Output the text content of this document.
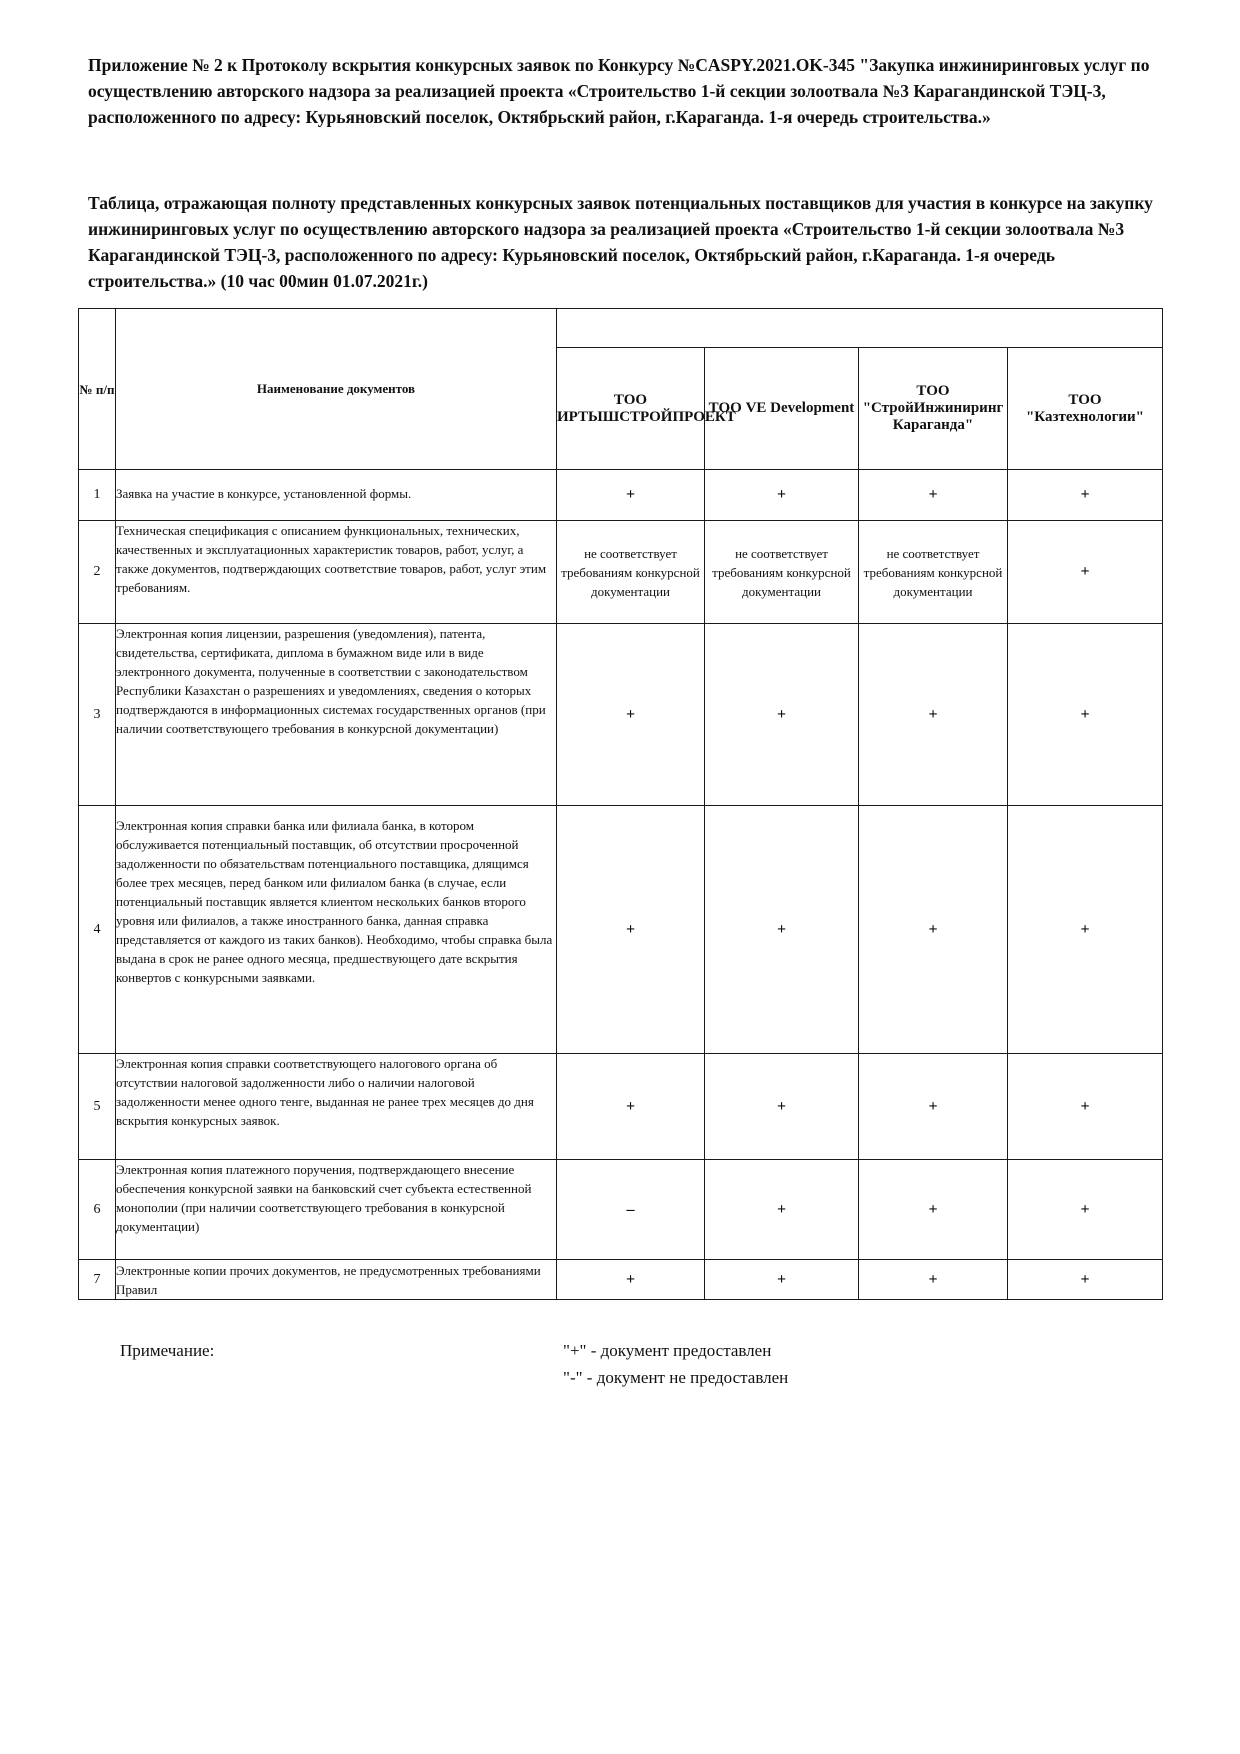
Приложение № 2 к Протоколу вскрытия конкурсных заявок по Конкурсу №CASPY.2021.OK-345 "Закупка инжиниринговых услуг по осуществлению авторского надзора за реализацией проекта «Строительство 1-й секции золоотвала №3 Карагандинской ТЭЦ-3, расположенного по адресу: Курьяновский поселок, Октябрьский район, г.Караганда. 1-я очередь строительства.»
Таблица, отражающая полноту представленных конкурсных заявок потенциальных поставщиков для участия в конкурсе на закупку инжиниринговых услуг по осуществлению авторского надзора за реализацией проекта «Строительство 1-й секции золоотвала №3 Карагандинской ТЭЦ-3, расположенного по адресу: Курьяновский поселок, Октябрьский район, г.Караганда. 1-я очередь строительства.» (10 час 00мин 01.07.2021г.)
№ п/п	Наименование документов				
		ТОО ИРТЫШСТРОЙПРОЕКТ	ТОО VE Development	ТОО "СтройИнжиниринг Караганда"	ТОО "Казтехнологии"
1	Заявка на участие в конкурсе, установленной формы.	+	+	+	+
2	Техническая спецификация с описанием функциональных, технических, качественных и эксплуатационных характеристик товаров, работ, услуг, а также документов, подтверждающих соответствие товаров, работ, услуг этим требованиям.	не соответствует требованиям конкурсной документации	не соответствует требованиям конкурсной документации	не соответствует требованиям конкурсной документации	+
3	Электронная копия лицензии, разрешения (уведомления), патента, свидетельства, сертификата, диплома в бумажном виде или в виде электронного документа, полученные в соответствии с законодательством Республики Казахстан о разрешениях и уведомлениях, сведения о которых подтверждаются в информационных системах государственных органов (при наличии соответствующего требования в конкурсной документации)	+	+	+	+
4	Электронная копия справки банка или филиала банка, в котором обслуживается потенциальный поставщик, об отсутствии просроченной задолженности по обязательствам потенциального поставщика, длящимся более трех месяцев, перед банком или филиалом банка (в случае, если потенциальный поставщик является клиентом нескольких банков второго уровня или филиалов, а также иностранного банка, данная справка представляется от каждого из таких банков). Необходимо, чтобы справка была выдана в срок не ранее одного месяца, предшествующего дате вскрытия конвертов с конкурсными заявками.	+	+	+	+
5	Электронная копия справки соответствующего налогового органа об отсутствии налоговой задолженности либо о наличии налоговой задолженности менее одного тенге, выданная не ранее трех месяцев до дня вскрытия конкурсных заявок.	+	+	+	+
6	Электронная копия платежного поручения, подтверждающего внесение обеспечения конкурсной заявки на банковский счет субъекта естественной монополии (при наличии соответствующего требования в конкурсной документации)	–	+	+	+
7	Электронные копии прочих документов, не предусмотренных требованиями Правил	+	+	+	+
Примечание:	"+" - документ предоставлен
"-" - документ не предоставлен
